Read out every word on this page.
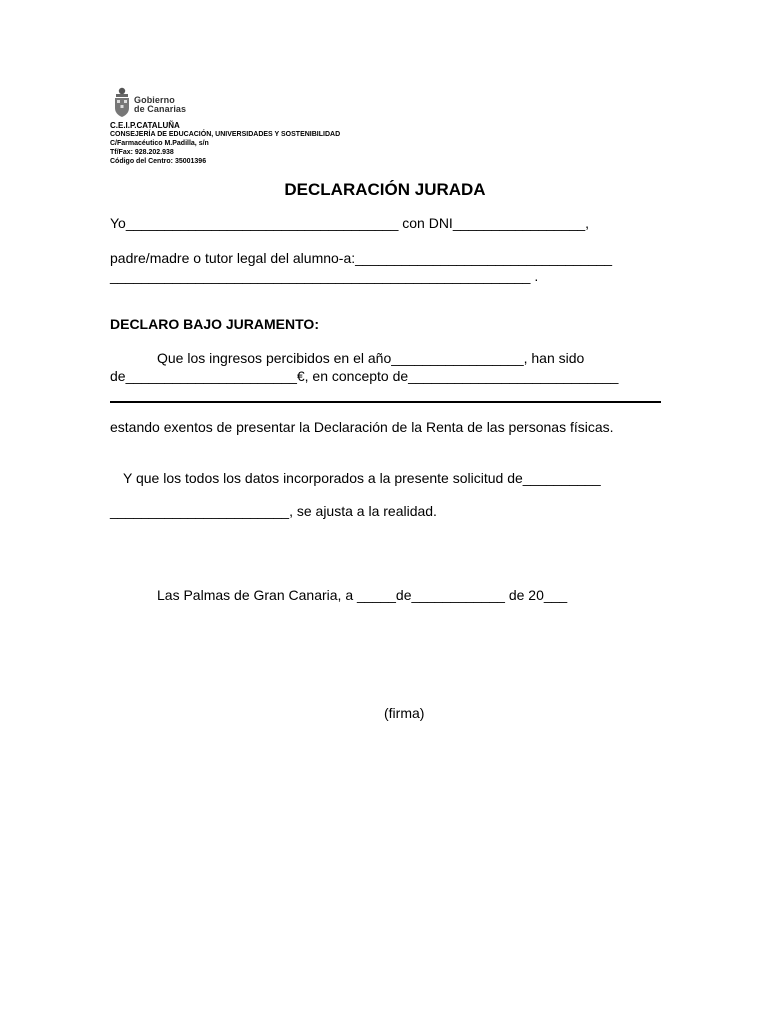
Gobierno
de Canarias
C.E.I.P.CATALUÑA
CONSEJERÍA DE EDUCACIÓN, UNIVERSIDADES Y SOSTENIBILIDAD
C/Farmacéutico M.Padilla, s/n
Tf/Fax: 928.202.938
Código del Centro: 35001396
DECLARACIÓN JURADA
Yo___________________________________ con DNI_________________,
padre/madre o tutor legal del alumno-a:_________________________________
______________________________________________________ .
DECLARO BAJO JURAMENTO:
Que los ingresos percibidos en el año_________________, han sido
de______________________€, en concepto de___________________________
estando exentos de presentar la Declaración de la Renta de las personas físicas.
Y que los todos los datos incorporados a la presente solicitud de__________
_______________________, se ajusta a la realidad.
Las Palmas de Gran Canaria, a _____de____________ de 20___
(firma)
